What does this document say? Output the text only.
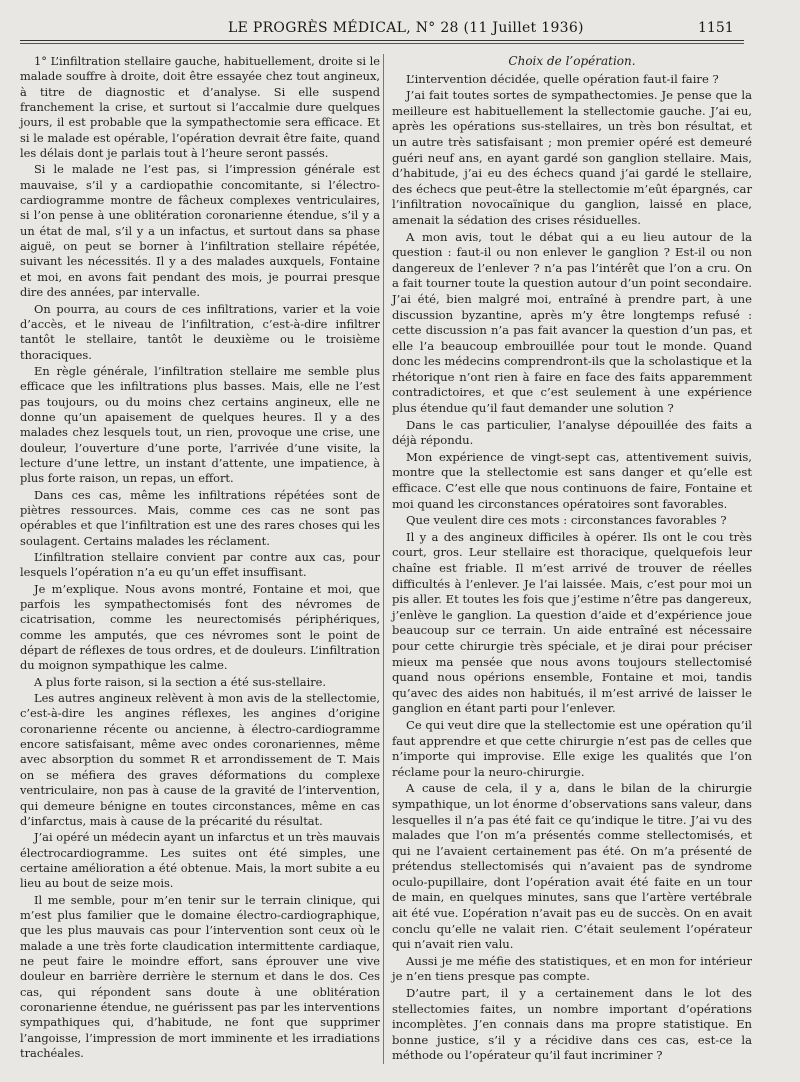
LE PROGRÈS MÉDICAL, N° 28 (11 Juillet 1936)	1151

1° L’infiltration stellaire gauche, habituellement, droite si le malade souffre à droite, doit être essayée chez tout angineux, à titre de diagnostic et d’analyse. Si elle suspend franchement la crise, et surtout si l’accalmie dure quelques jours, il est probable que la sympathectomie sera efficace. Et si le malade est opérable, l’opération devrait être faite, quand les délais dont je parlais tout à l’heure seront passés.

Si le malade ne l’est pas, si l’impression générale est mauvaise, s’il y a cardiopathie concomitante, si l’électro-cardiogramme montre de fâcheux complexes ventriculaires, si l’on pense à une oblitération coronarienne étendue, s’il y a un état de mal, s’il y a un infactus, et surtout dans sa phase aiguë, on peut se borner à l’infiltration stellaire répétée, suivant les nécessités. Il y a des malades auxquels, Fontaine et moi, en avons fait pendant des mois, je pourrai presque dire des années, par intervalle.

On pourra, au cours de ces infiltrations, varier et la voie d’accès, et le niveau de l’infiltration, c’est-à-dire infiltrer tantôt le stellaire, tantôt le deuxième ou le troisième thoraciques.

En règle générale, l’infiltration stellaire me semble plus efficace que les infiltrations plus basses. Mais, elle ne l’est pas toujours, ou du moins chez certains angineux, elle ne donne qu’un apaisement de quelques heures. Il y a des malades chez lesquels tout, un rien, provoque une crise, une douleur, l’ouverture d’une porte, l’arrivée d’une visite, la lecture d’une lettre, un instant d’attente, une impatience, à plus forte raison, un repas, un effort.

Dans ces cas, même les infiltrations répétées sont de piètres ressources. Mais, comme ces cas ne sont pas opérables et que l’infiltration est une des rares choses qui les soulagent. Certains malades les réclament.

L’infiltration stellaire convient par contre aux cas, pour lesquels l’opération n’a eu qu’un effet insuffisant.

Je m’explique. Nous avons montré, Fontaine et moi, que parfois les sympathectomisés font des névromes de cicatrisation, comme les neurectomisés périphériques, comme les amputés, que ces névromes sont le point de départ de réflexes de tous ordres, et de douleurs. L’infiltration du moignon sympathique les calme.

A plus forte raison, si la section a été sus-stellaire.

Les autres angineux relèvent à mon avis de la stellectomie, c’est-à-dire les angines réflexes, les angines d’origine coronarienne récente ou ancienne, à électro-cardiogramme encore satisfaisant, même avec ondes coronariennes, même avec absorption du sommet R et arrondissement de T. Mais on se méfiera des graves déformations du complexe ventriculaire, non pas à cause de la gravité de l’intervention, qui demeure bénigne en toutes circonstances, même en cas d’infarctus, mais à cause de la précarité du résultat.

J’ai opéré un médecin ayant un infarctus et un très mauvais électrocardiogramme. Les suites ont été simples, une certaine amélioration a été obtenue. Mais, la mort subite a eu lieu au bout de seize mois.

Il me semble, pour m’en tenir sur le terrain clinique, qui m’est plus familier que le domaine électro-cardiographique, que les plus mauvais cas pour l’intervention sont ceux où le malade a une très forte claudication intermittente cardiaque, ne peut faire le moindre effort, sans éprouver une vive douleur en barrière derrière le sternum et dans le dos. Ces cas, qui répondent sans doute à une oblitération coronarienne étendue, ne guérissent pas par les interventions sympathiques qui, d’habitude, ne font que supprimer l’angoisse, l’impression de mort imminente et les irradiations trachéales.

Choix de l’opération.

L’intervention décidée, quelle opération faut-il faire ?

J’ai fait toutes sortes de sympathectomies. Je pense que la meilleure est habituellement la stellectomie gauche. J’ai eu, après les opérations sus-stellaires, un très bon résultat, et un autre très satisfaisant ; mon premier opéré est demeuré guéri neuf ans, en ayant gardé son ganglion stellaire. Mais, d’habitude, j’ai eu des échecs quand j’ai gardé le stellaire, des échecs que peut-être la stellectomie m’eût épargnés, car l’infiltration novocaïnique du ganglion, laissé en place, amenait la sédation des crises résiduelles.

A mon avis, tout le débat qui a eu lieu autour de la question : faut-il ou non enlever le ganglion ? Est-il ou non dangereux de l’enlever ? n’a pas l’intérêt que l’on a cru. On a fait tourner toute la question autour d’un point secondaire. J’ai été, bien malgré moi, entraîné à prendre part, à une discussion byzantine, après m’y être longtemps refusé : cette discussion n’a pas fait avancer la question d’un pas, et elle l’a beaucoup embrouillée pour tout le monde. Quand donc les médecins comprendront-ils que la scholastique et la rhétorique n’ont rien à faire en face des faits apparemment contradictoires, et que c’est seulement à une expérience plus étendue qu’il faut demander une solution ?

Dans le cas particulier, l’analyse dépouillée des faits a déjà répondu.

Mon expérience de vingt-sept cas, attentivement suivis, montre que la stellectomie est sans danger et qu’elle est efficace. C’est elle que nous continuons de faire, Fontaine et moi quand les circonstances opératoires sont favorables.

Que veulent dire ces mots : circonstances favorables ?

Il y a des angineux difficiles à opérer. Ils ont le cou très court, gros. Leur stellaire est thoracique, quelquefois leur chaîne est friable. Il m’est arrivé de trouver de réelles difficultés à l’enlever. Je l’ai laissée. Mais, c’est pour moi un pis aller. Et toutes les fois que j’estime n’être pas dangereux, j’enlève le ganglion. La question d’aide et d’expérience joue beaucoup sur ce terrain. Un aide entraîné est nécessaire pour cette chirurgie très spéciale, et je dirai pour préciser mieux ma pensée que nous avons toujours stellectomisé quand nous opérions ensemble, Fontaine et moi, tandis qu’avec des aides non habitués, il m’est arrivé de laisser le ganglion en étant parti pour l’enlever.

Ce qui veut dire que la stellectomie est une opération qu’il faut apprendre et que cette chirurgie n’est pas de celles que n’importe qui improvise. Elle exige les qualités que l’on réclame pour la neuro-chirurgie.

A cause de cela, il y a, dans le bilan de la chirurgie sympathique, un lot énorme d’observations sans valeur, dans lesquelles il n’a pas été fait ce qu’indique le titre. J’ai vu des malades que l’on m’a présentés comme stellectomisés, et qui ne l’avaient certainement pas été. On m’a présenté de prétendus stellectomisés qui n’avaient pas de syndrome oculo-pupillaire, dont l’opération avait été faite en un tour de main, en quelques minutes, sans que l’artère vertébrale ait été vue. L’opération n’avait pas eu de succès. On en avait conclu qu’elle ne valait rien. C’était seulement l’opérateur qui n’avait rien valu.

Aussi je me méfie des statistiques, et en mon for intérieur je n’en tiens presque pas compte.

D’autre part, il y a certainement dans le lot des stellectomies faites, un nombre important d’opérations incomplètes. J’en connais dans ma propre statistique. En bonne justice, s’il y a récidive dans ces cas, est-ce la méthode ou l’opérateur qu’il faut incriminer ?
